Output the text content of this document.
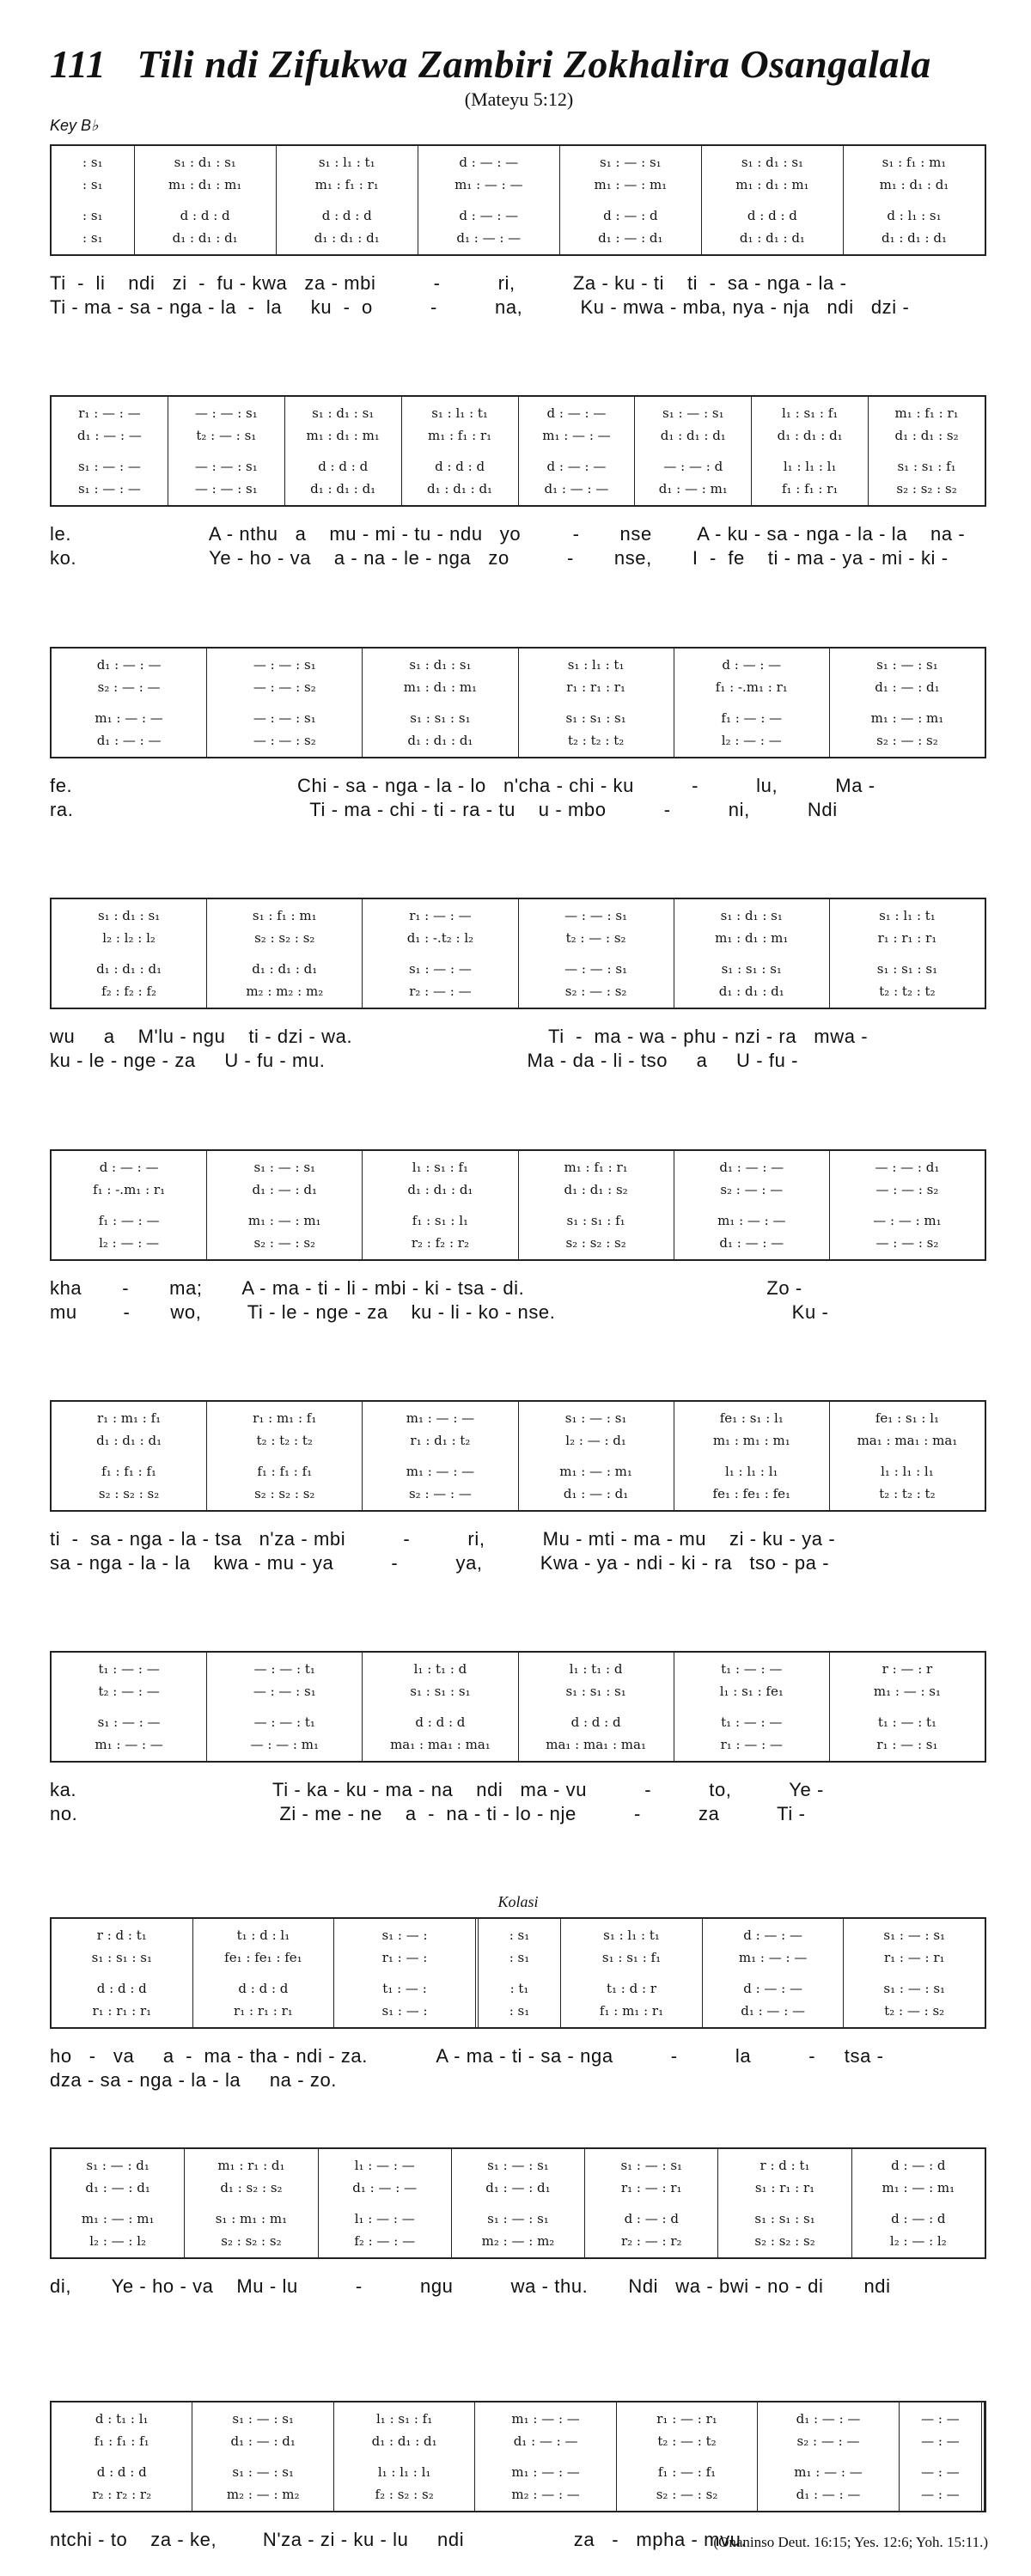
111 Tili ndi Zifukwa Zambiri Zokhalira Osangalala
(Mateyu 5:12)
Key B♭
: s₁
: s₁
: s₁
: s₁
s₁ : d₁ : s₁
m₁ : d₁ : m₁
d : d : d
d₁ : d₁ : d₁
s₁ : l₁ : t₁
m₁ : f₁ : r₁
d : d : d
d₁ : d₁ : d₁
d : — : —
m₁ : — : —
d : — : —
d₁ : — : —
s₁ : — : s₁
m₁ : — : m₁
d : — : d
d₁ : — : d₁
s₁ : d₁ : s₁
m₁ : d₁ : m₁
d : d : d
d₁ : d₁ : d₁
s₁ : f₁ : m₁
m₁ : d₁ : d₁
d : l₁ : s₁
d₁ : d₁ : d₁
Ti  -  li    ndi   zi  -  fu - kwa   za - mbi          -          ri,          Za - ku - ti    ti  -  sa - nga - la -
Ti - ma - sa - nga - la  -  la     ku  -  o          -          na,          Ku - mwa - mba, nya - nja   ndi   dzi -
r₁ : — : —
d₁ : — : —
s₁ : — : —
s₁ : — : —
— : — : s₁
t₂ : — : s₁
— : — : s₁
— : — : s₁
s₁ : d₁ : s₁
m₁ : d₁ : m₁
d : d : d
d₁ : d₁ : d₁
s₁ : l₁ : t₁
m₁ : f₁ : r₁
d : d : d
d₁ : d₁ : d₁
d : — : —
m₁ : — : —
d : — : —
d₁ : — : —
s₁ : — : s₁
d₁ : d₁ : d₁
— : — : d
d₁ : — : m₁
l₁ : s₁ : f₁
d₁ : d₁ : d₁
l₁ : l₁ : l₁
f₁ : f₁ : r₁
m₁ : f₁ : r₁
d₁ : d₁ : s₂
s₁ : s₁ : f₁
s₂ : s₂ : s₂
le.                        A - nthu   a    mu - mi - tu - ndu   yo         -       nse        A - ku - sa - nga - la - la    na -
ko.                       Ye - ho - va    a - na - le - nga   zo          -       nse,       I  -  fe    ti - ma - ya - mi - ki -
d₁ : — : —
s₂ : — : —
m₁ : — : —
d₁ : — : —
— : — : s₁
— : — : s₂
— : — : s₁
— : — : s₂
s₁ : d₁ : s₁
m₁ : d₁ : m₁
s₁ : s₁ : s₁
d₁ : d₁ : d₁
s₁ : l₁ : t₁
r₁ : r₁ : r₁
s₁ : s₁ : s₁
t₂ : t₂ : t₂
d : — : —
f₁ : -.m₁ : r₁
f₁ : — : —
l₂ : — : —
s₁ : — : s₁
d₁ : — : d₁
m₁ : — : m₁
s₂ : — : s₂
fe.                                       Chi - sa - nga - la - lo   n'cha - chi - ku          -          lu,          Ma -
ra.                                         Ti - ma - chi - ti - ra - tu    u - mbo          -          ni,          Ndi
s₁ : d₁ : s₁
l₂ : l₂ : l₂
d₁ : d₁ : d₁
f₂ : f₂ : f₂
s₁ : f₁ : m₁
s₂ : s₂ : s₂
d₁ : d₁ : d₁
m₂ : m₂ : m₂
r₁ : — : —
d₁ : -.t₂ : l₂
s₁ : — : —
r₂ : — : —
— : — : s₁
t₂ : — : s₂
— : — : s₁
s₂ : — : s₂
s₁ : d₁ : s₁
m₁ : d₁ : m₁
s₁ : s₁ : s₁
d₁ : d₁ : d₁
s₁ : l₁ : t₁
r₁ : r₁ : r₁
s₁ : s₁ : s₁
t₂ : t₂ : t₂
wu     a    M'lu - ngu    ti - dzi - wa.                                  Ti  -  ma - wa - phu - nzi - ra   mwa -
ku - le - nge - za     U - fu - mu.                                   Ma - da - li - tso     a     U - fu -
d : — : —
f₁ : -.m₁ : r₁
f₁ : — : —
l₂ : — : —
s₁ : — : s₁
d₁ : — : d₁
m₁ : — : m₁
s₂ : — : s₂
l₁ : s₁ : f₁
d₁ : d₁ : d₁
f₁ : s₁ : l₁
r₂ : f₂ : r₂
m₁ : f₁ : r₁
d₁ : d₁ : s₂
s₁ : s₁ : f₁
s₂ : s₂ : s₂
d₁ : — : —
s₂ : — : —
m₁ : — : —
d₁ : — : —
— : — : d₁
— : — : s₂
— : — : m₁
— : — : s₂
kha       -       ma;       A - ma - ti - li - mbi - ki - tsa - di.                                          Zo -
mu        -       wo,        Ti - le - nge - za    ku - li - ko - nse.                                         Ku -
r₁ : m₁ : f₁
d₁ : d₁ : d₁
f₁ : f₁ : f₁
s₂ : s₂ : s₂
r₁ : m₁ : f₁
t₂ : t₂ : t₂
f₁ : f₁ : f₁
s₂ : s₂ : s₂
m₁ : — : —
r₁ : d₁ : t₂
m₁ : — : —
s₂ : — : —
s₁ : — : s₁
l₂ : — : d₁
m₁ : — : m₁
d₁ : — : d₁
fe₁ : s₁ : l₁
m₁ : m₁ : m₁
l₁ : l₁ : l₁
fe₁ : fe₁ : fe₁
fe₁ : s₁ : l₁
ma₁ : ma₁ : ma₁
l₁ : l₁ : l₁
t₂ : t₂ : t₂
ti  -  sa - nga - la - tsa   n'za - mbi          -          ri,          Mu - mti - ma - mu    zi - ku - ya -
sa - nga - la - la    kwa - mu - ya          -          ya,          Kwa - ya - ndi - ki - ra   tso - pa -
t₁ : — : —
t₂ : — : —
s₁ : — : —
m₁ : — : —
— : — : t₁
— : — : s₁
— : — : t₁
— : — : m₁
l₁ : t₁ : d
s₁ : s₁ : s₁
d : d : d
ma₁ : ma₁ : ma₁
l₁ : t₁ : d
s₁ : s₁ : s₁
d : d : d
ma₁ : ma₁ : ma₁
t₁ : — : —
l₁ : s₁ : fe₁
t₁ : — : —
r₁ : — : —
r : — : r
m₁ : — : s₁
t₁ : — : t₁
r₁ : — : s₁
ka.                                  Ti - ka - ku - ma - na    ndi   ma - vu          -          to,          Ye -
no.                                   Zi - me - ne    a  -  na - ti - lo - nje          -          za          Ti -
Kolasi
r : d : t₁
s₁ : s₁ : s₁
d : d : d
r₁ : r₁ : r₁
t₁ : d : l₁
fe₁ : fe₁ : fe₁
d : d : d
r₁ : r₁ : r₁
s₁ : — :
r₁ : — :
t₁ : — :
s₁ : — :
: s₁
: s₁
: t₁
: s₁
s₁ : l₁ : t₁
s₁ : s₁ : f₁
t₁ : d : r
f₁ : m₁ : r₁
d : — : —
m₁ : — : —
d : — : —
d₁ : — : —
s₁ : — : s₁
r₁ : — : r₁
s₁ : — : s₁
t₂ : — : s₂
ho   -   va     a  -  ma - tha - ndi - za.            A - ma - ti - sa - nga          -          la          -     tsa -
dza - sa - nga - la - la     na - zo.
s₁ : — : d₁
d₁ : — : d₁
m₁ : — : m₁
l₂ : — : l₂
m₁ : r₁ : d₁
d₁ : s₂ : s₂
s₁ : m₁ : m₁
s₂ : s₂ : s₂
l₁ : — : —
d₁ : — : —
l₁ : — : —
f₂ : — : —
s₁ : — : s₁
d₁ : — : d₁
s₁ : — : s₁
m₂ : — : m₂
s₁ : — : s₁
r₁ : — : r₁
d : — : d
r₂ : — : r₂
r : d : t₁
s₁ : r₁ : r₁
s₁ : s₁ : s₁
s₂ : s₂ : s₂
d : — : d
m₁ : — : m₁
d : — : d
l₂ : — : l₂
di,       Ye - ho - va    Mu - lu          -          ngu          wa - thu.       Ndi   wa - bwi - no - di       ndi
d : t₁ : l₁
f₁ : f₁ : f₁
d : d : d
r₂ : r₂ : r₂
s₁ : — : s₁
d₁ : — : d₁
s₁ : — : s₁
m₂ : — : m₂
l₁ : s₁ : f₁
d₁ : d₁ : d₁
l₁ : l₁ : l₁
f₂ : s₂ : s₂
m₁ : — : —
d₁ : — : —
m₁ : — : —
m₂ : — : —
r₁ : — : r₁
t₂ : — : t₂
f₁ : — : f₁
s₂ : — : s₂
d₁ : — : —
s₂ : — : —
m₁ : — : —
d₁ : — : —
— : —
— : —
— : —
— : —
ntchi - to    za - ke,        N'za - zi - ku - lu     ndi                   za   -   mpha - mvu.
(Onaninso Deut. 16:15; Yes. 12:6; Yoh. 15:11.)
